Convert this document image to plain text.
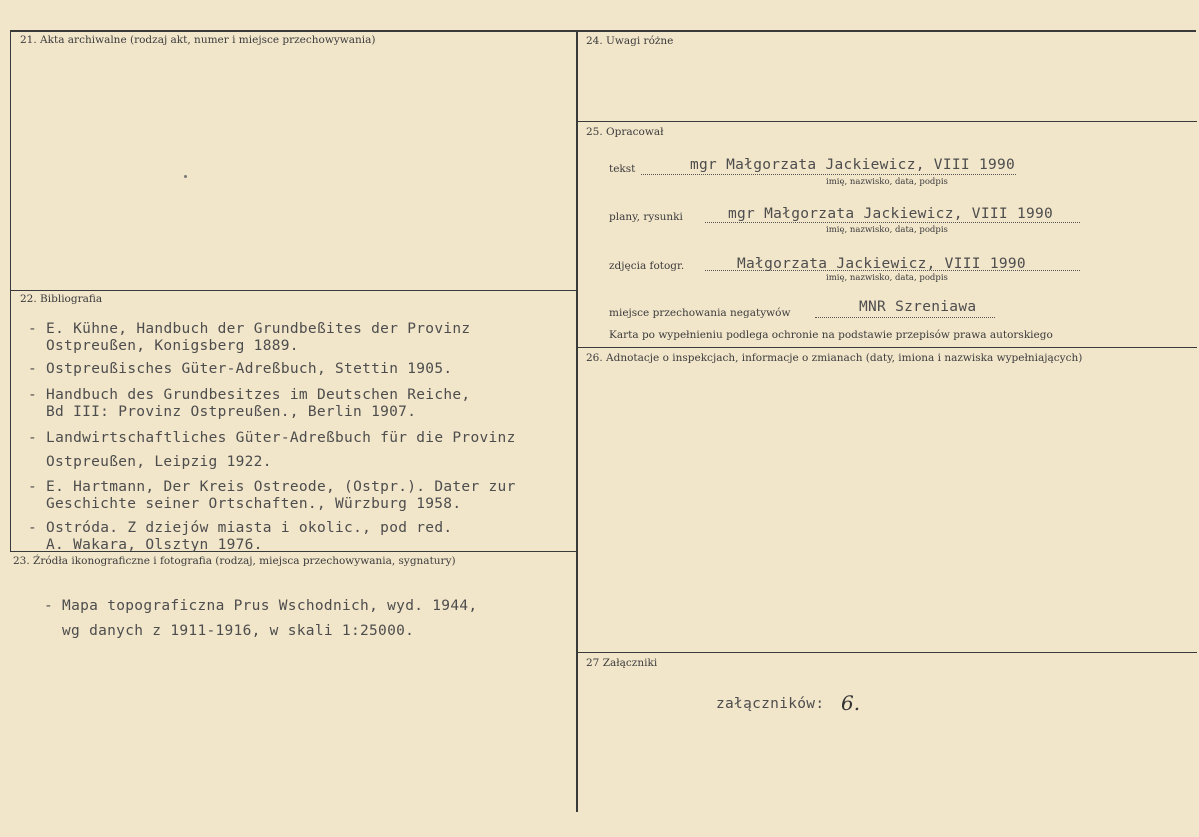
21. Akta archiwalne (rodzaj akt, numer i miejsce przechowywania)
22. Bibliografia
- E. Kühne, Handbuch der Grundbeßites der Provinz
Ostpreußen, Konigsberg 1889.
- Ostpreußisches Güter-Adreßbuch, Stettin 1905.
- Handbuch des Grundbesitzes im Deutschen Reiche,
Bd III: Provinz Ostpreußen., Berlin 1907.
- Landwirtschaftliches Güter-Adreßbuch für die Provinz
Ostpreußen, Leipzig 1922.
- E. Hartmann, Der Kreis Ostreode, (Ostpr.). Dater zur
Geschichte seiner Ortschaften., Würzburg 1958.
- Ostróda. Z dziejów miasta i okolic., pod red.
A. Wakara, Olsztyn 1976.
23. Źródła ikonograficzne i fotografia (rodzaj, miejsca przechowywania, sygnatury)
- Mapa topograficzna Prus Wschodnich, wyd. 1944,
wg danych z 1911-1916, w skali 1:25000.
24. Uwagi różne
25. Opracował
tekst	mgr Małgorzata Jackiewicz, VIII 1990
imię, nazwisko, data, podpis
plany, rysunki	mgr Małgorzata Jackiewicz, VIII 1990
imię, nazwisko, data, podpis
zdjęcia fotogr.	Małgorzata Jackiewicz, VIII 1990
imię, nazwisko, data, podpis
miejsce przechowania negatywów	MNR Szreniawa
Karta po wypełnieniu podlega ochronie na podstawie przepisów prawa autorskiego
26. Adnotacje o inspekcjach, informacje o zmianach (daty, imiona i nazwiska wypełniających)
27 Załączniki
załączników: 6.
